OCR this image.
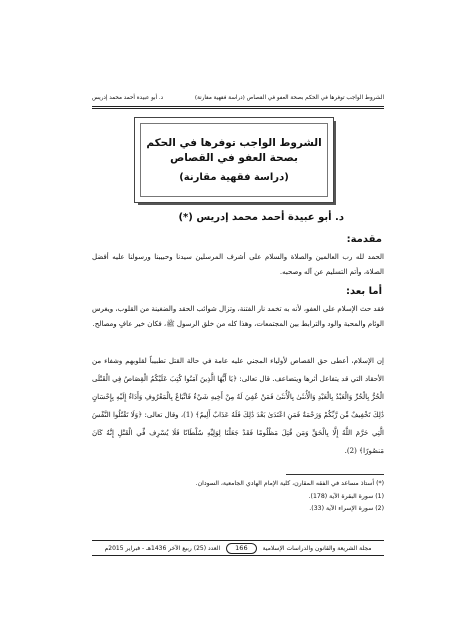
الشروط الواجب توفرها في الحكم بصحة العفو في القصاص (دراسة فقهية مقارنة)
د. أبو عبيدة أحمد محمد إدريس
الشروط الواجب توفرها في الحكم
بصحة العفو في القصاص
(دراسة فقهية مقارنة)
د. أبو عبيدة أحمد محمد إدريس (*)
مقدمة:
الحمد لله رب العالمين والصلاة والسلام على أشرف المرسلين سيدنا وحبيبنا ورسولنا عليه أفضل الصلاة، وأتم التسليم عن آله وصحبه.
أما بعد:
فقد حث الإسلام على العفو، لأنه به تخمد نار الفتنة، وتزال شوائب الحقد والضغينة من القلوب، ويغرس الوئام والمحبة والود والترابط بين المجتمعات، وهذا كله من خلق الرسول ﷺ، فكان خير عافٍ ومصالح.
إن الإسلام، أعطى حق القصاص لأولياء المجني عليه عامة في حالة القتل تطبيباً لقلوبهم وشفاء من الأحقاد التي قد يتفاعل أثرها ويتضاعف. قال تعالى: ﴿يَا أَيُّهَا الَّذِينَ آمَنُوا كُتِبَ عَلَيْكُمُ الْقِصَاصُ فِي الْقَتْلَى الْحُرُّ بِالْحُرِّ وَالْعَبْدُ بِالْعَبْدِ وَالْأُنثَىٰ بِالْأُنثَىٰ فَمَنْ عُفِيَ لَهُ مِنْ أَخِيهِ شَيْءٌ فَاتِّبَاعٌ بِالْمَعْرُوفِ وَأَدَاءٌ إِلَيْهِ بِإِحْسَانٍ ذَٰلِكَ تَخْفِيفٌ مِّن رَّبِّكُمْ وَرَحْمَةٌ فَمَنِ اعْتَدَىٰ بَعْدَ ذَٰلِكَ فَلَهُ عَذَابٌ أَلِيمٌ﴾ (1)، وقال تعالى: ﴿وَلَا تَقْتُلُوا النَّفْسَ الَّتِي حَرَّمَ اللَّهُ إِلَّا بِالْحَقِّ وَمَن قُتِلَ مَظْلُومًا فَقَدْ جَعَلْنَا لِوَلِيِّهِ سُلْطَانًا فَلَا يُسْرِف فِّي الْقَتْلِ إِنَّهُ كَانَ مَنصُورًا﴾ (2).
(*) أستاذ مساعد في الفقه المقارن، كلية الإمام الهادي الجامعية، السودان.
(1) سورة البقرة الآية (178).
(2) سورة الإسراء الآية (33).
مجلة الشريعة والقانون والدراسات الإسلامية
166
العدد (25) ربيع الآخر 1436هـ - فبراير 2015م
